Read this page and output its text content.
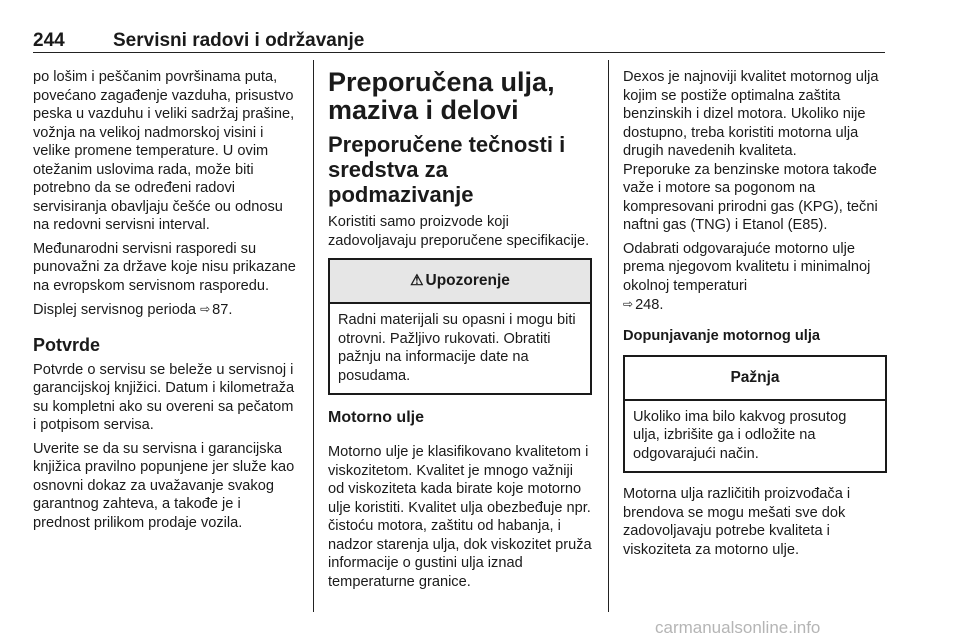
244	Servisni radovi i održavanje

po lošim i peščanim površinama puta, povećano zagađenje vazduha, prisustvo peska u vazduhu i veliki sadržaj prašine, vožnja na velikoj nadmorskoj visini i velike promene temperature. U ovim otežanim uslovima rada, može biti potrebno da se određeni radovi servisiranja obavljaju češće ou odnosu na redovni servisni interval.

Međunarodni servisni rasporedi su punovažni za države koje nisu prikazane na evropskom servisnom rasporedu.

Displej servisnog perioda ⇨ 87.

Potvrde

Potvrde o servisu se beleže u servisnoj i garancijskoj knjižici. Datum i kilometraža su kompletni ako su overeni sa pečatom i potpisom servisa.

Uverite se da su servisna i garancijska knjižica pravilno popunjene jer služe kao osnovni dokaz za uvažavanje svakog garantnog zahteva, a takođe je i prednost prilikom prodaje vozila.

Preporučena ulja, maziva i delovi
Preporučene tečnosti i sredstva za podmazivanje

Koristiti samo proizvode koji zadovoljavaju preporučene specifikacije.

⚠ Upozorenje
Radni materijali su opasni i mogu biti otrovni. Pažljivo rukovati. Obratiti pažnju na informacije date na posudama.
Motorno ulje

Motorno ulje je klasifikovano kvalitetom i viskozitetom. Kvalitet je mnogo važniji od viskoziteta kada birate koje motorno ulje koristiti. Kvalitet ulja obezbeđuje npr. čistoću motora, zaštitu od habanja, i nadzor starenja ulja, dok viskozitet pruža informacije o gustini ulja iznad temperaturne granice.

Dexos je najnoviji kvalitet motornog ulja kojim se postiže optimalna zaštita benzinskih i dizel motora. Ukoliko nije dostupno, treba koristiti motorna ulja drugih navedenih kvaliteta.

Preporuke za benzinske motora takođe važe i motore sa pogonom na kompresovani prirodni gas (KPG), tečni naftni gas (TNG) i Etanol (E85).

Odabrati odgovarajuće motorno ulje prema njegovom kvalitetu i minimalnoj okolnoj temperaturi
⇨ 248.

Dopunjavanje motornog ulja
Pažnja
Ukoliko ima bilo kakvog prosutog ulja, izbrišite ga i odložite na odgovarajući način.

Motorna ulja različitih proizvođača i brendova se mogu mešati sve dok zadovoljavaju potrebe kvaliteta i viskoziteta za motorno ulje.

carmanualsonline.info
